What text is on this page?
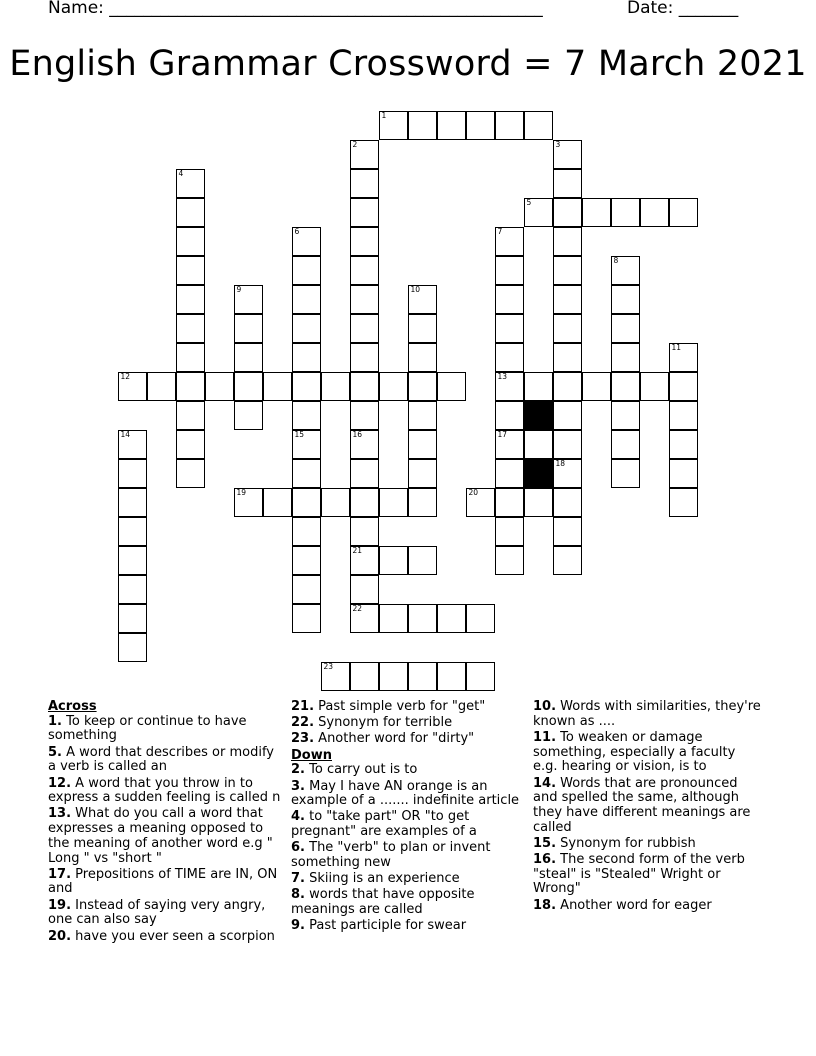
Name: ___________________________________________________	Date: _______
English Grammar Crossword = 7 March 2021
1
2
16
21
3
18
4
5
6
15
7
13
17
8
9	10
11
12
14
19	20
22
23
Across
1. To keep or continue to have something
5. A word that describes or modify a verb is called an
12. A word that you throw in to express a sudden feeling is called n
13. What do you call a word that expresses a meaning opposed to the meaning of another word e.g " Long " vs "short "
17. Prepositions of TIME are IN, ON and
19. Instead of saying very angry, one can also say
20. have you ever seen a scorpion
21. Past simple verb for "get"
22. Synonym for terrible
23. Another word for "dirty"
Down
2. To carry out is to
3. May I have AN orange is an example of a ....... indefinite article
4. to "take part" OR "to get pregnant" are examples of a
6. The "verb" to plan or invent something new
7. Skiing is an experience
8. words that have opposite meanings are called
9. Past participle for swear
10. Words with similarities, they're known as ....
11. To weaken or damage something, especially a faculty e.g. hearing or vision, is to
14. Words that are pronounced and spelled the same, although they have different meanings are called
15. Synonym for rubbish
16. The second form of the verb "steal" is "Stealed" Wright or Wrong"
18. Another word for eager
